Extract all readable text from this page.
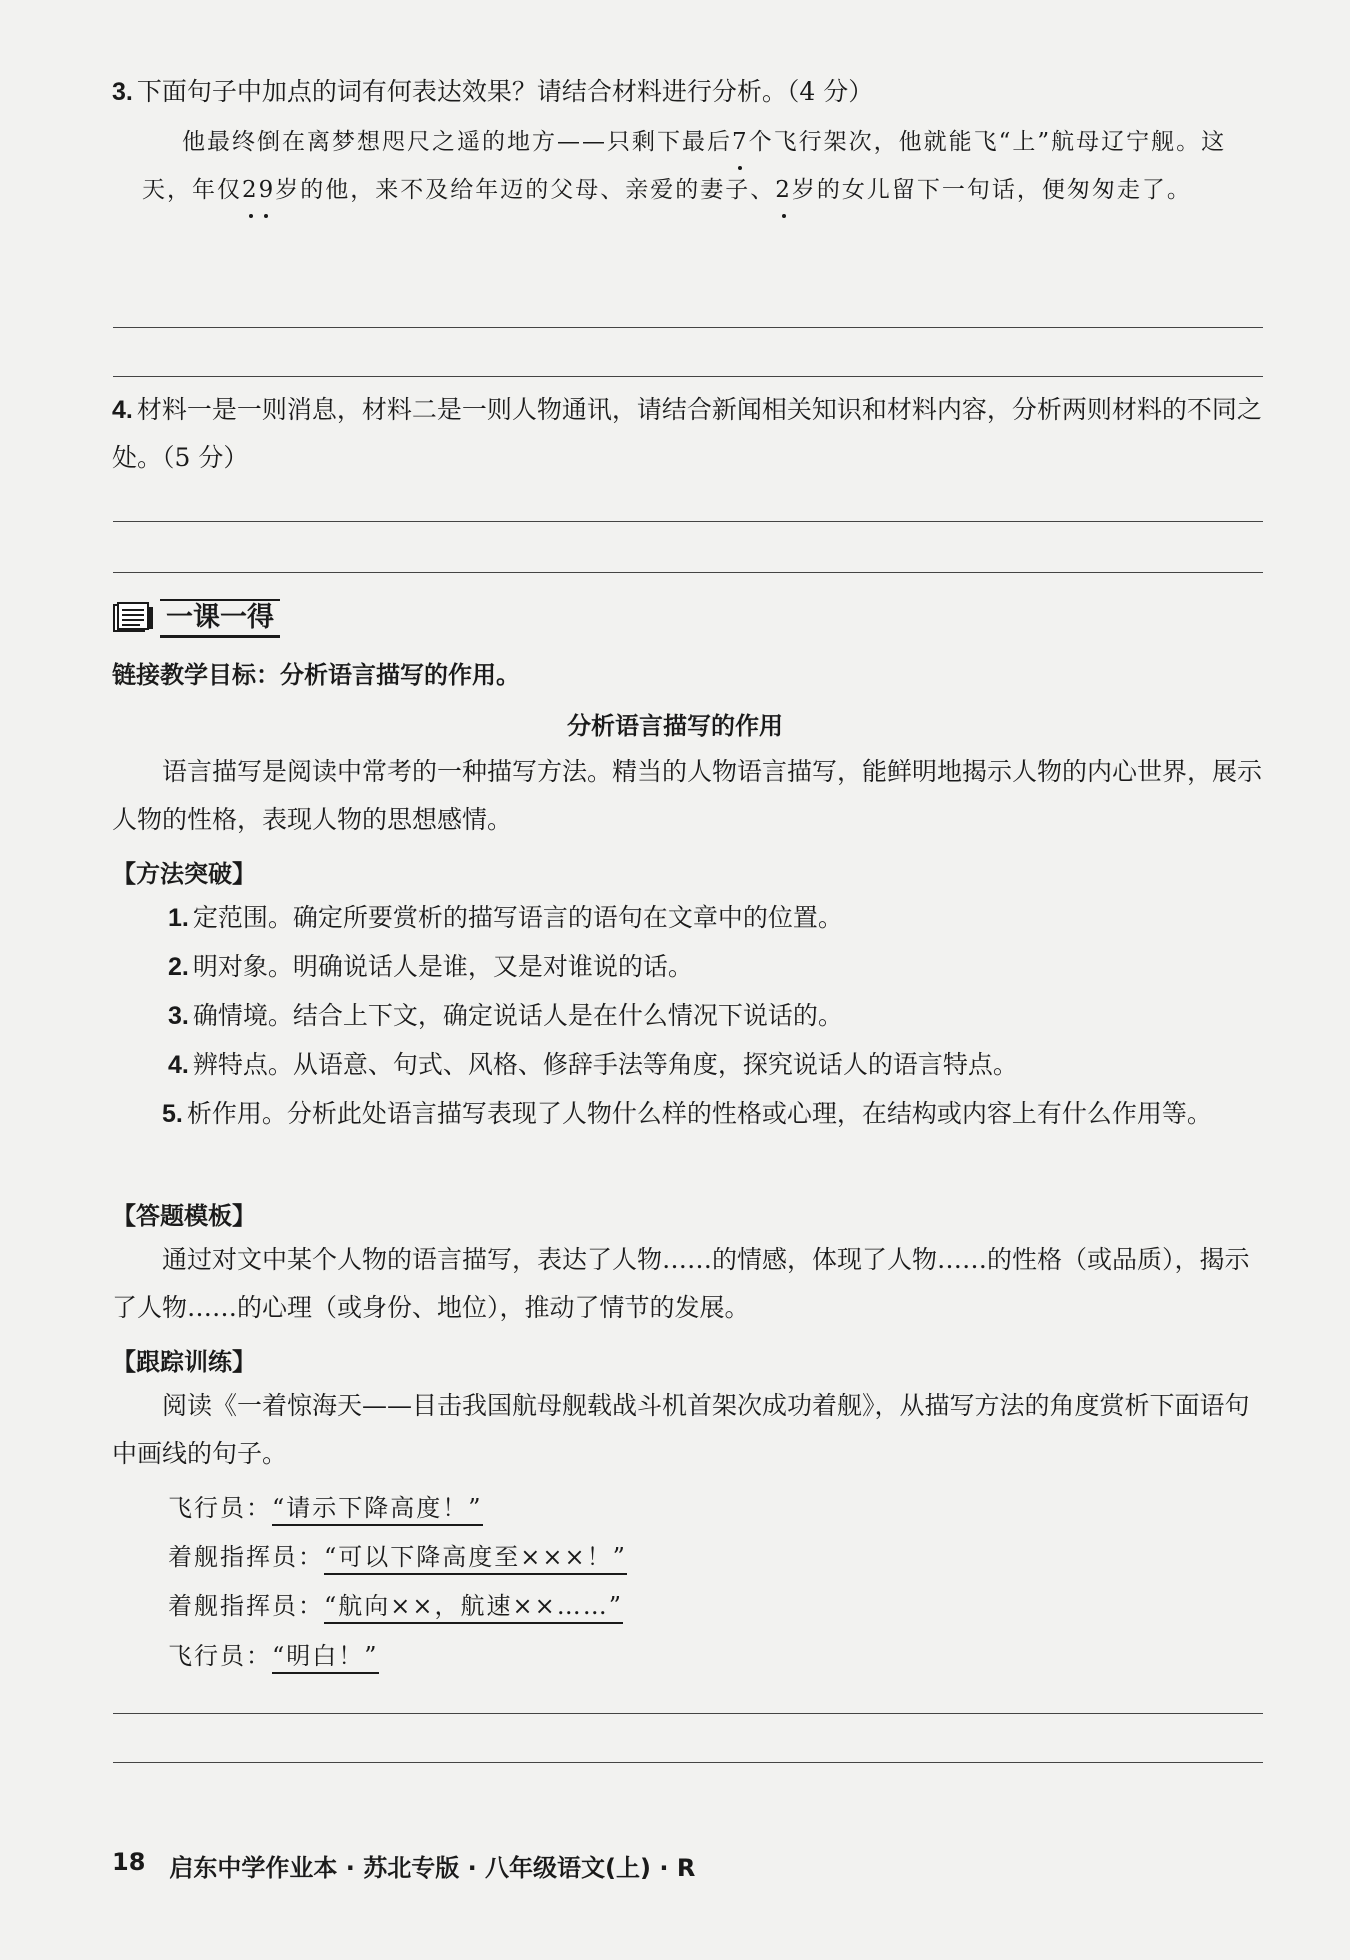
3. 下面句子中加点的词有何表达效果？请结合材料进行分析。（4 分）
他最终倒在离梦想咫尺之遥的地方——只剩下最后7个飞行架次，他就能飞“上”航母辽宁舰。这天，年仅29岁的他，来不及给年迈的父母、亲爱的妻子、2岁的女儿留下一句话，便匆匆走了。
4. 材料一是一则消息，材料二是一则人物通讯，请结合新闻相关知识和材料内容，分析两则材料的不同之处。（5 分）
一课一得
链接教学目标：分析语言描写的作用。
分析语言描写的作用
语言描写是阅读中常考的一种描写方法。精当的人物语言描写，能鲜明地揭示人物的内心世界，展示人物的性格，表现人物的思想感情。
【方法突破】
1. 定范围。确定所要赏析的描写语言的语句在文章中的位置。
2. 明对象。明确说话人是谁，又是对谁说的话。
3. 确情境。结合上下文，确定说话人是在什么情况下说话的。
4. 辨特点。从语意、句式、风格、修辞手法等角度，探究说话人的语言特点。
5. 析作用。分析此处语言描写表现了人物什么样的性格或心理，在结构或内容上有什么作用等。
【答题模板】
通过对文中某个人物的语言描写，表达了人物……的情感，体现了人物……的性格（或品质），揭示了人物……的心理（或身份、地位），推动了情节的发展。
【跟踪训练】
阅读《一着惊海天——目击我国航母舰载战斗机首架次成功着舰》，从描写方法的角度赏析下面语句中画线的句子。
飞行员：“请示下降高度！”
着舰指挥员：“可以下降高度至×××！”
着舰指挥员：“航向××，航速××……”
飞行员：“明白！”
18 启东中学作业本 · 苏北专版 · 八年级语文(上) · R
